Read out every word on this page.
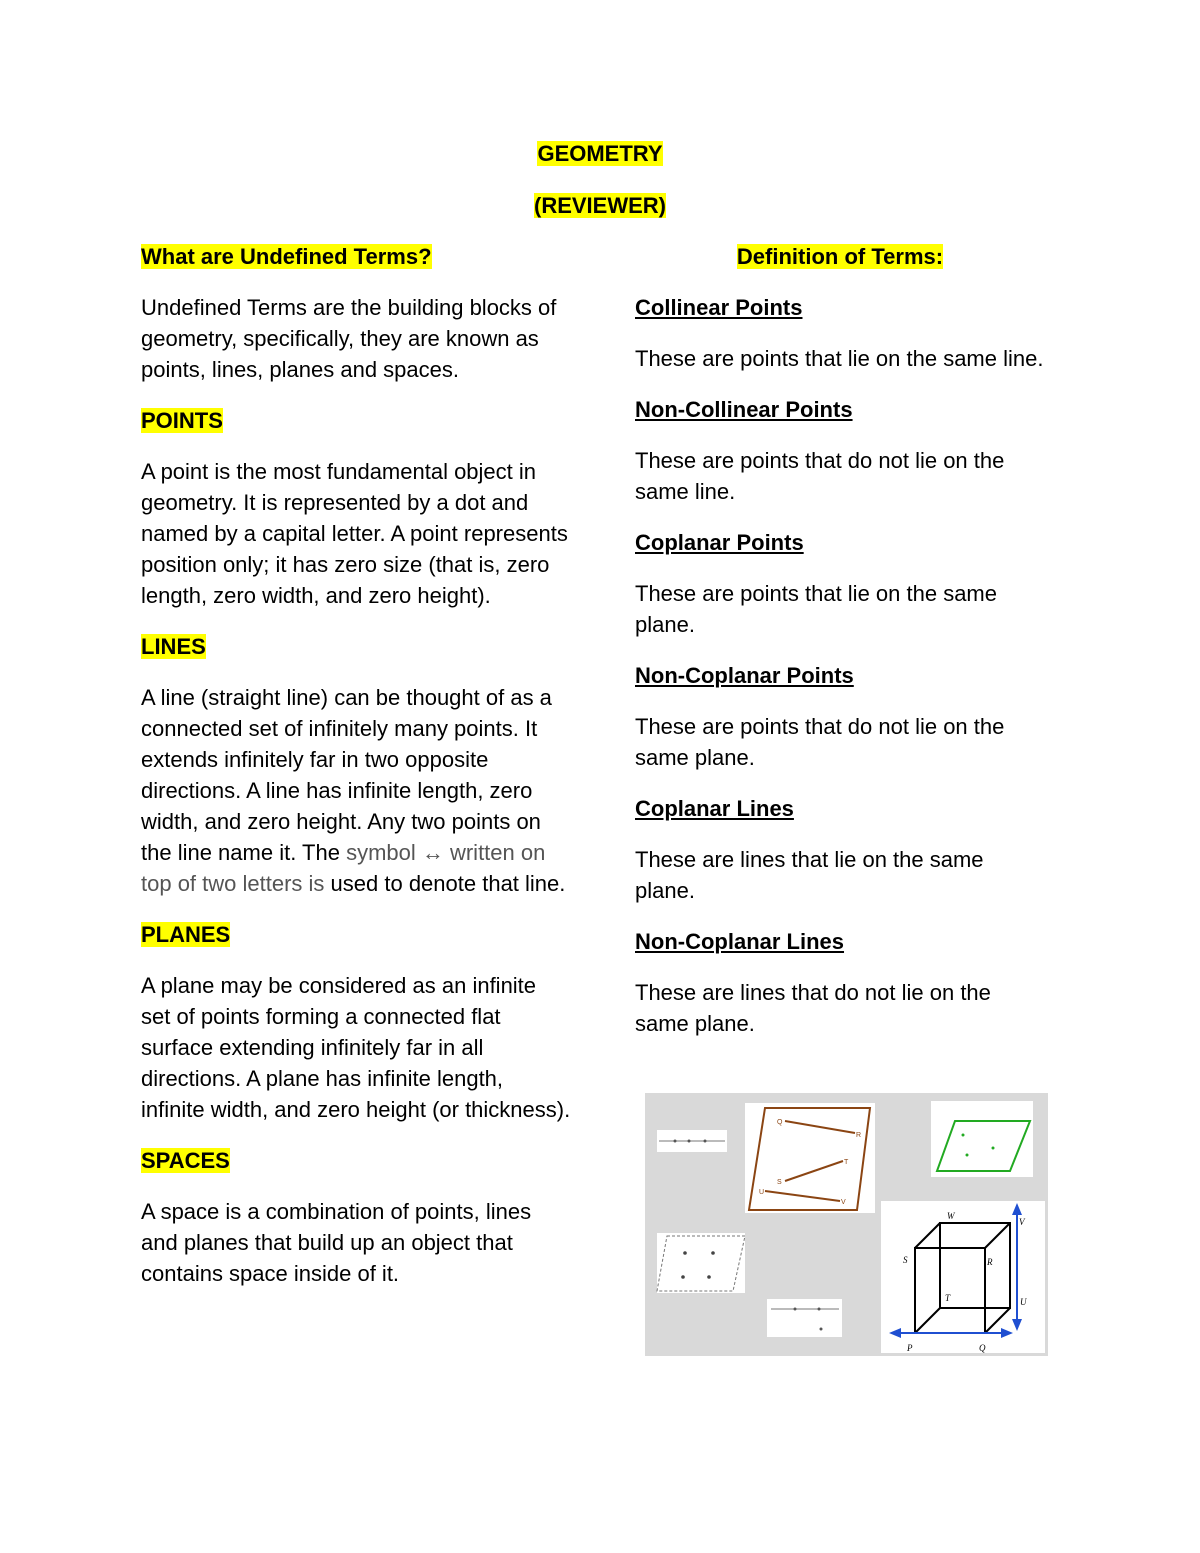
GEOMETRY
(REVIEWER)
What are Undefined Terms?
Undefined Terms are the building blocks of geometry, specifically, they are known as points, lines, planes and spaces.
POINTS
A point is the most fundamental object in geometry. It is represented by a dot and named by a capital letter. A point represents position only; it has zero size (that is, zero length, zero width, and zero height).
LINES
A line (straight line) can be thought of as a connected set of infinitely many points. It extends infinitely far in two opposite directions. A line has infinite length, zero width, and zero height. Any two points on the line name it. The symbol ↔ written on top of two letters is used to denote that line.
PLANES
A plane may be considered as an infinite set of points forming a connected flat surface extending infinitely far in all directions. A plane has infinite length, infinite width, and zero height (or thickness).
SPACES
A space is a combination of points, lines and planes that build up an object that contains space inside of it.
Definition of Terms:
Collinear Points
These are points that lie on the same line.
Non-Collinear Points
These are points that do not lie on the same line.
Coplanar Points
These are points that lie on the same plane.
Non-Coplanar Points
These are points that do not lie on the same plane.
Coplanar Lines
These are lines that lie on the same plane.
Non-Coplanar Lines
These are lines that do not lie on the same plane.
Q
R
S
T
U
V
W
V
S	R
T	U
P	Q
